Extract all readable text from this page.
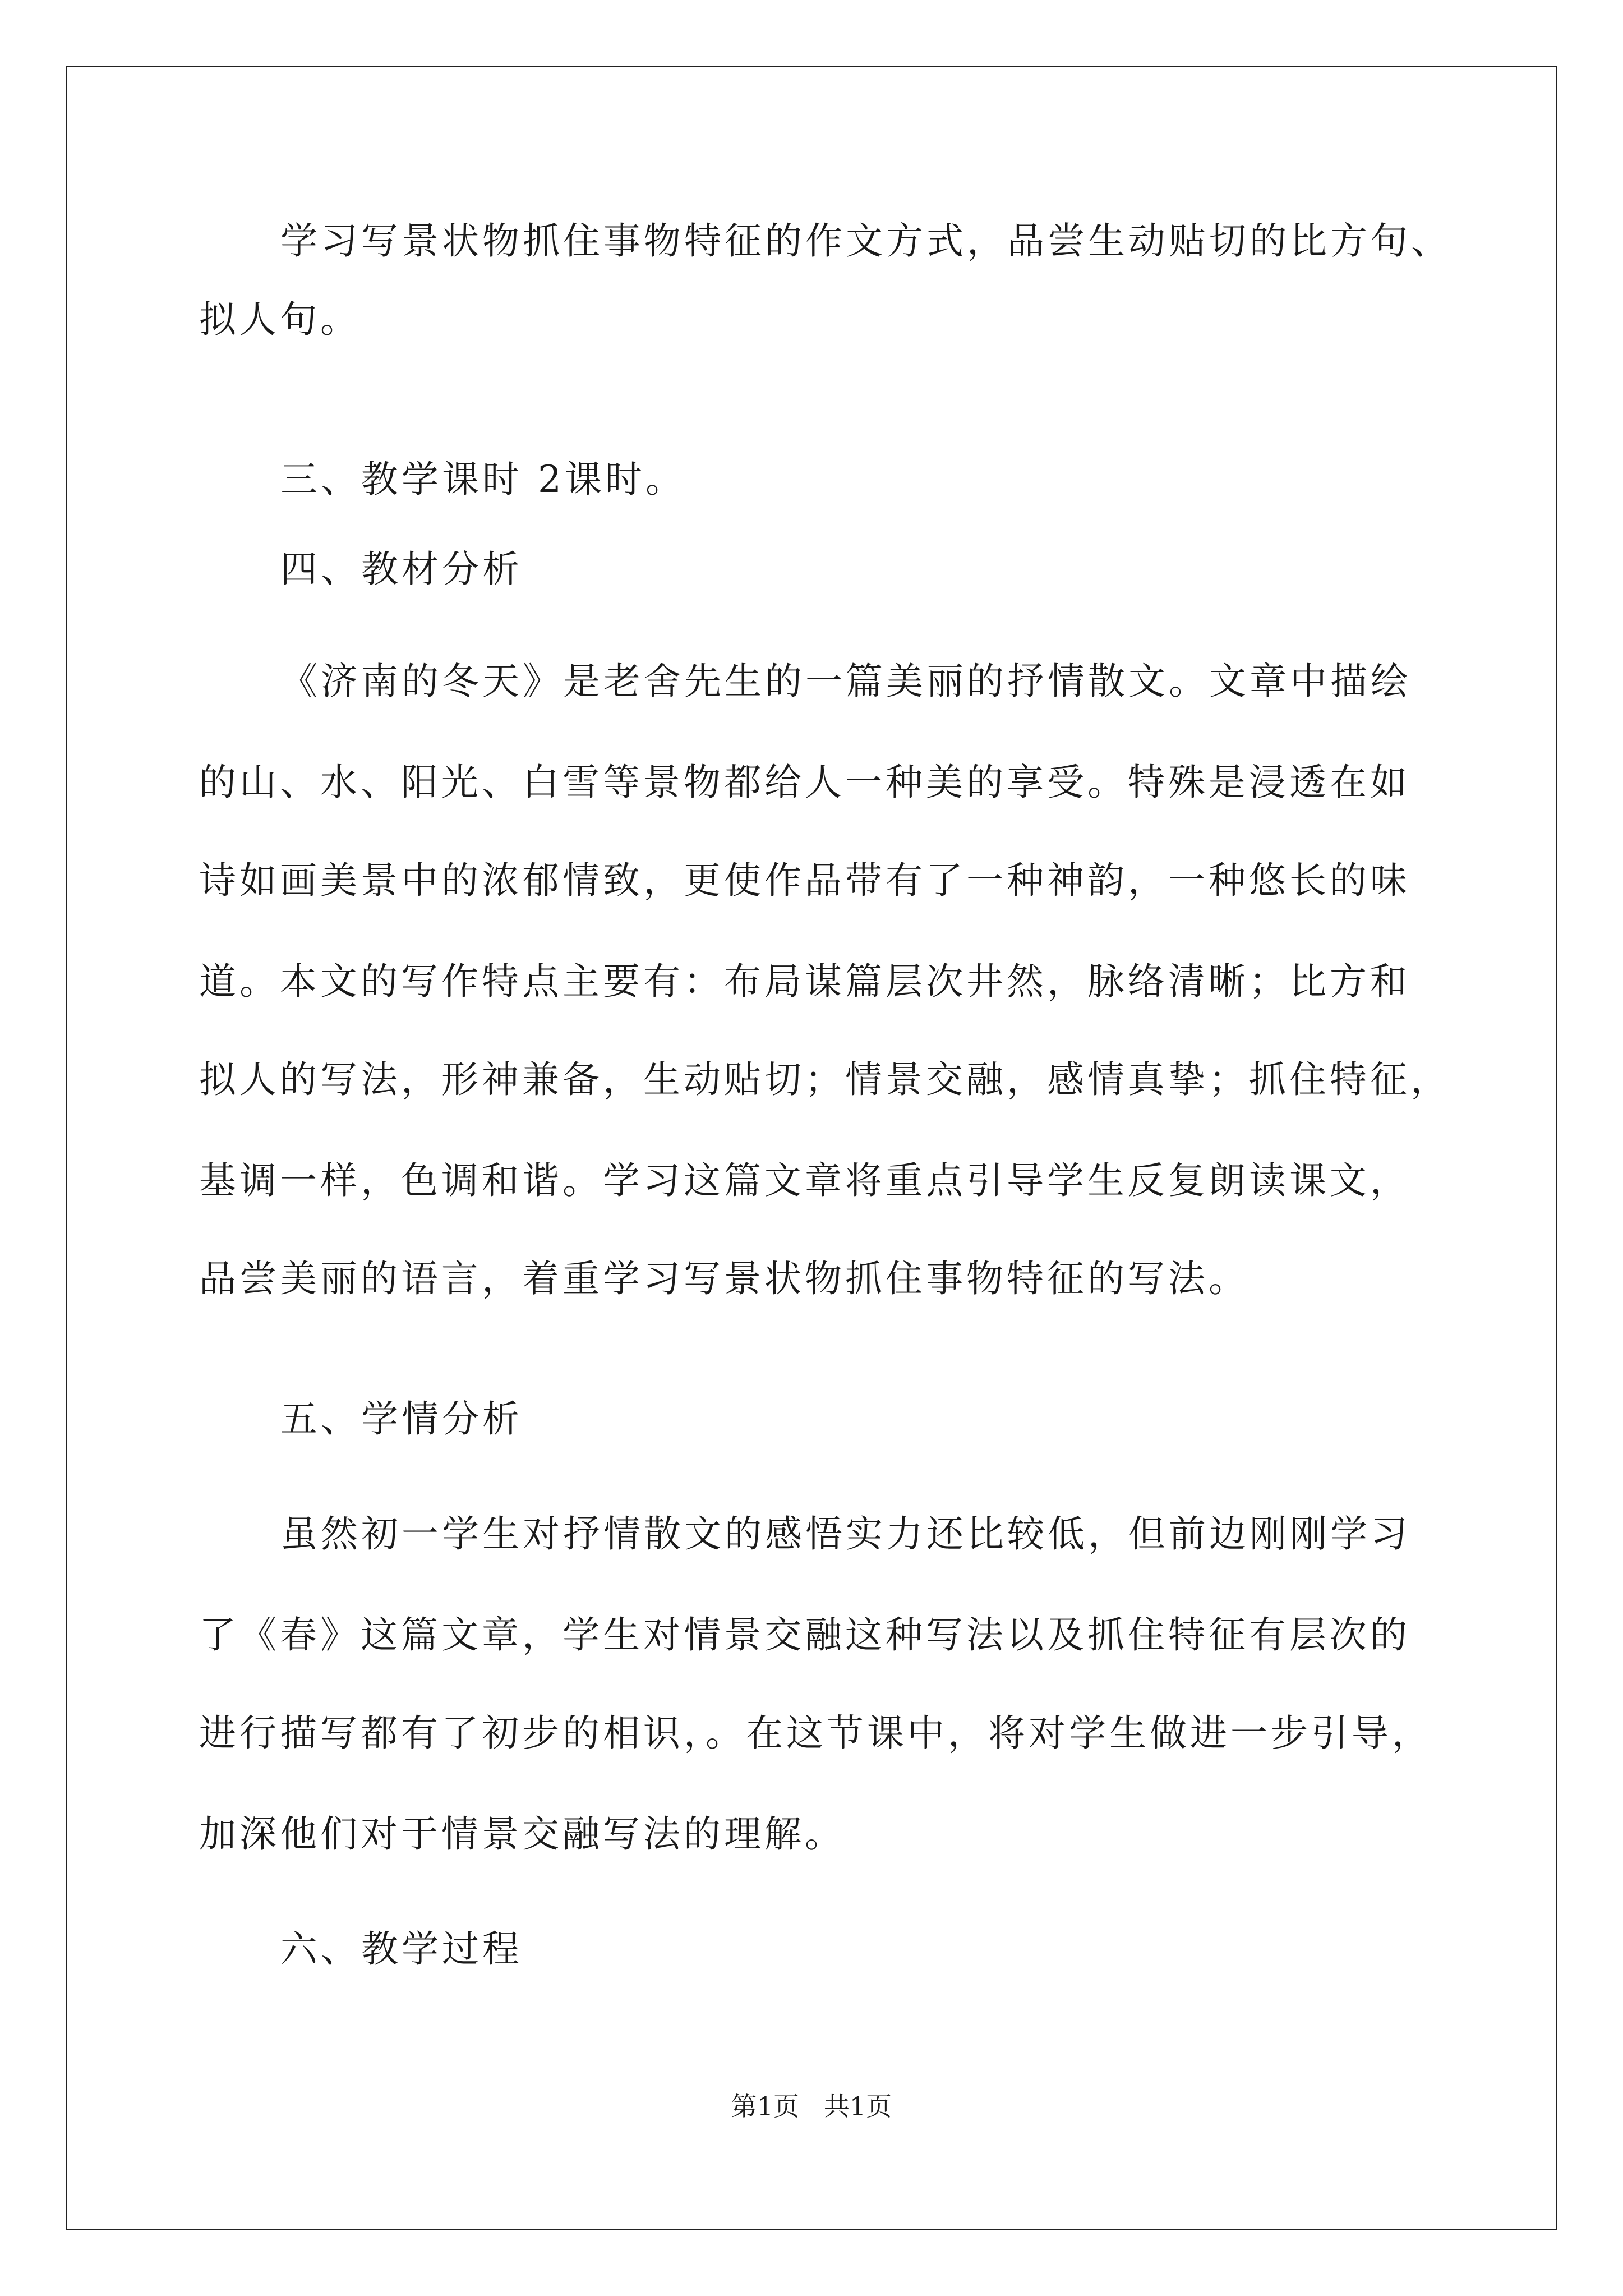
学习写景状物抓住事物特征的作文方式，品尝生动贴切的比方句、
拟人句。
三、教学课时 2课时。
四、教材分析
《济南的冬天》是老舍先生的一篇美丽的抒情散文。文章中描绘
的山、水、阳光、白雪等景物都给人一种美的享受。特殊是浸透在如
诗如画美景中的浓郁情致，更使作品带有了一种神韵，一种悠长的味
道。本文的写作特点主要有：布局谋篇层次井然，脉络清晰；比方和
拟人的写法，形神兼备，生动贴切；情景交融，感情真挚；抓住特征，
基调一样，色调和谐。学习这篇文章将重点引导学生反复朗读课文，
品尝美丽的语言，着重学习写景状物抓住事物特征的写法。
五、学情分析
虽然初一学生对抒情散文的感悟实力还比较低，但前边刚刚学习
了《春》这篇文章，学生对情景交融这种写法以及抓住特征有层次的
进行描写都有了初步的相识，。在这节课中，将对学生做进一步引导，
加深他们对于情景交融写法的理解。
六、教学过程
第1页   共1页
